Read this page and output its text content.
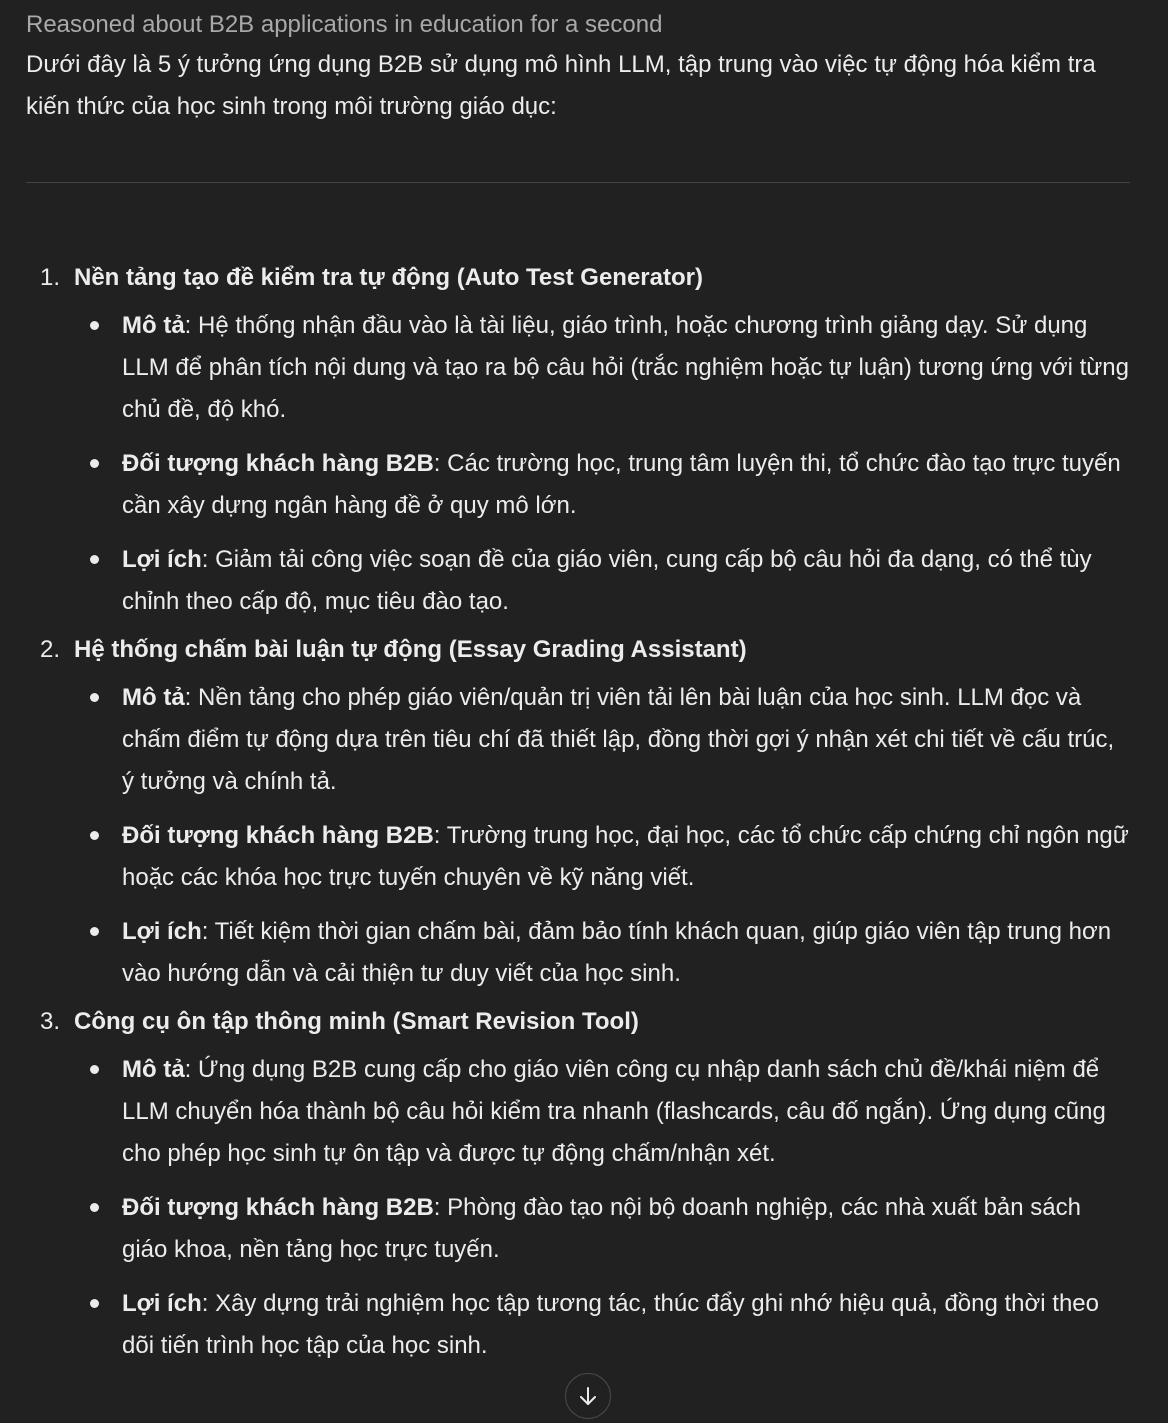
Reasoned about B2B applications in education for a second

Dưới đây là 5 ý tưởng ứng dụng B2B sử dụng mô hình LLM, tập trung vào việc tự động hóa kiểm tra kiến thức của học sinh trong môi trường giáo dục:

1. Nền tảng tạo đề kiểm tra tự động (Auto Test Generator)

Mô tả: Hệ thống nhận đầu vào là tài liệu, giáo trình, hoặc chương trình giảng dạy. Sử dụng LLM để phân tích nội dung và tạo ra bộ câu hỏi (trắc nghiệm hoặc tự luận) tương ứng với từng chủ đề, độ khó.
Đối tượng khách hàng B2B: Các trường học, trung tâm luyện thi, tổ chức đào tạo trực tuyến cần xây dựng ngân hàng đề ở quy mô lớn.
Lợi ích: Giảm tải công việc soạn đề của giáo viên, cung cấp bộ câu hỏi đa dạng, có thể tùy chỉnh theo cấp độ, mục tiêu đào tạo.

2. Hệ thống chấm bài luận tự động (Essay Grading Assistant)

Mô tả: Nền tảng cho phép giáo viên/quản trị viên tải lên bài luận của học sinh. LLM đọc và chấm điểm tự động dựa trên tiêu chí đã thiết lập, đồng thời gợi ý nhận xét chi tiết về cấu trúc, ý tưởng và chính tả.
Đối tượng khách hàng B2B: Trường trung học, đại học, các tổ chức cấp chứng chỉ ngôn ngữ hoặc các khóa học trực tuyến chuyên về kỹ năng viết.
Lợi ích: Tiết kiệm thời gian chấm bài, đảm bảo tính khách quan, giúp giáo viên tập trung hơn vào hướng dẫn và cải thiện tư duy viết của học sinh.

3. Công cụ ôn tập thông minh (Smart Revision Tool)

Mô tả: Ứng dụng B2B cung cấp cho giáo viên công cụ nhập danh sách chủ đề/khái niệm để LLM chuyển hóa thành bộ câu hỏi kiểm tra nhanh (flashcards, câu đố ngắn). Ứng dụng cũng cho phép học sinh tự ôn tập và được tự động chấm/nhận xét.
Đối tượng khách hàng B2B: Phòng đào tạo nội bộ doanh nghiệp, các nhà xuất bản sách giáo khoa, nền tảng học trực tuyến.
Lợi ích: Xây dựng trải nghiệm học tập tương tác, thúc đẩy ghi nhớ hiệu quả, đồng thời theo dõi tiến trình học tập của học sinh.
